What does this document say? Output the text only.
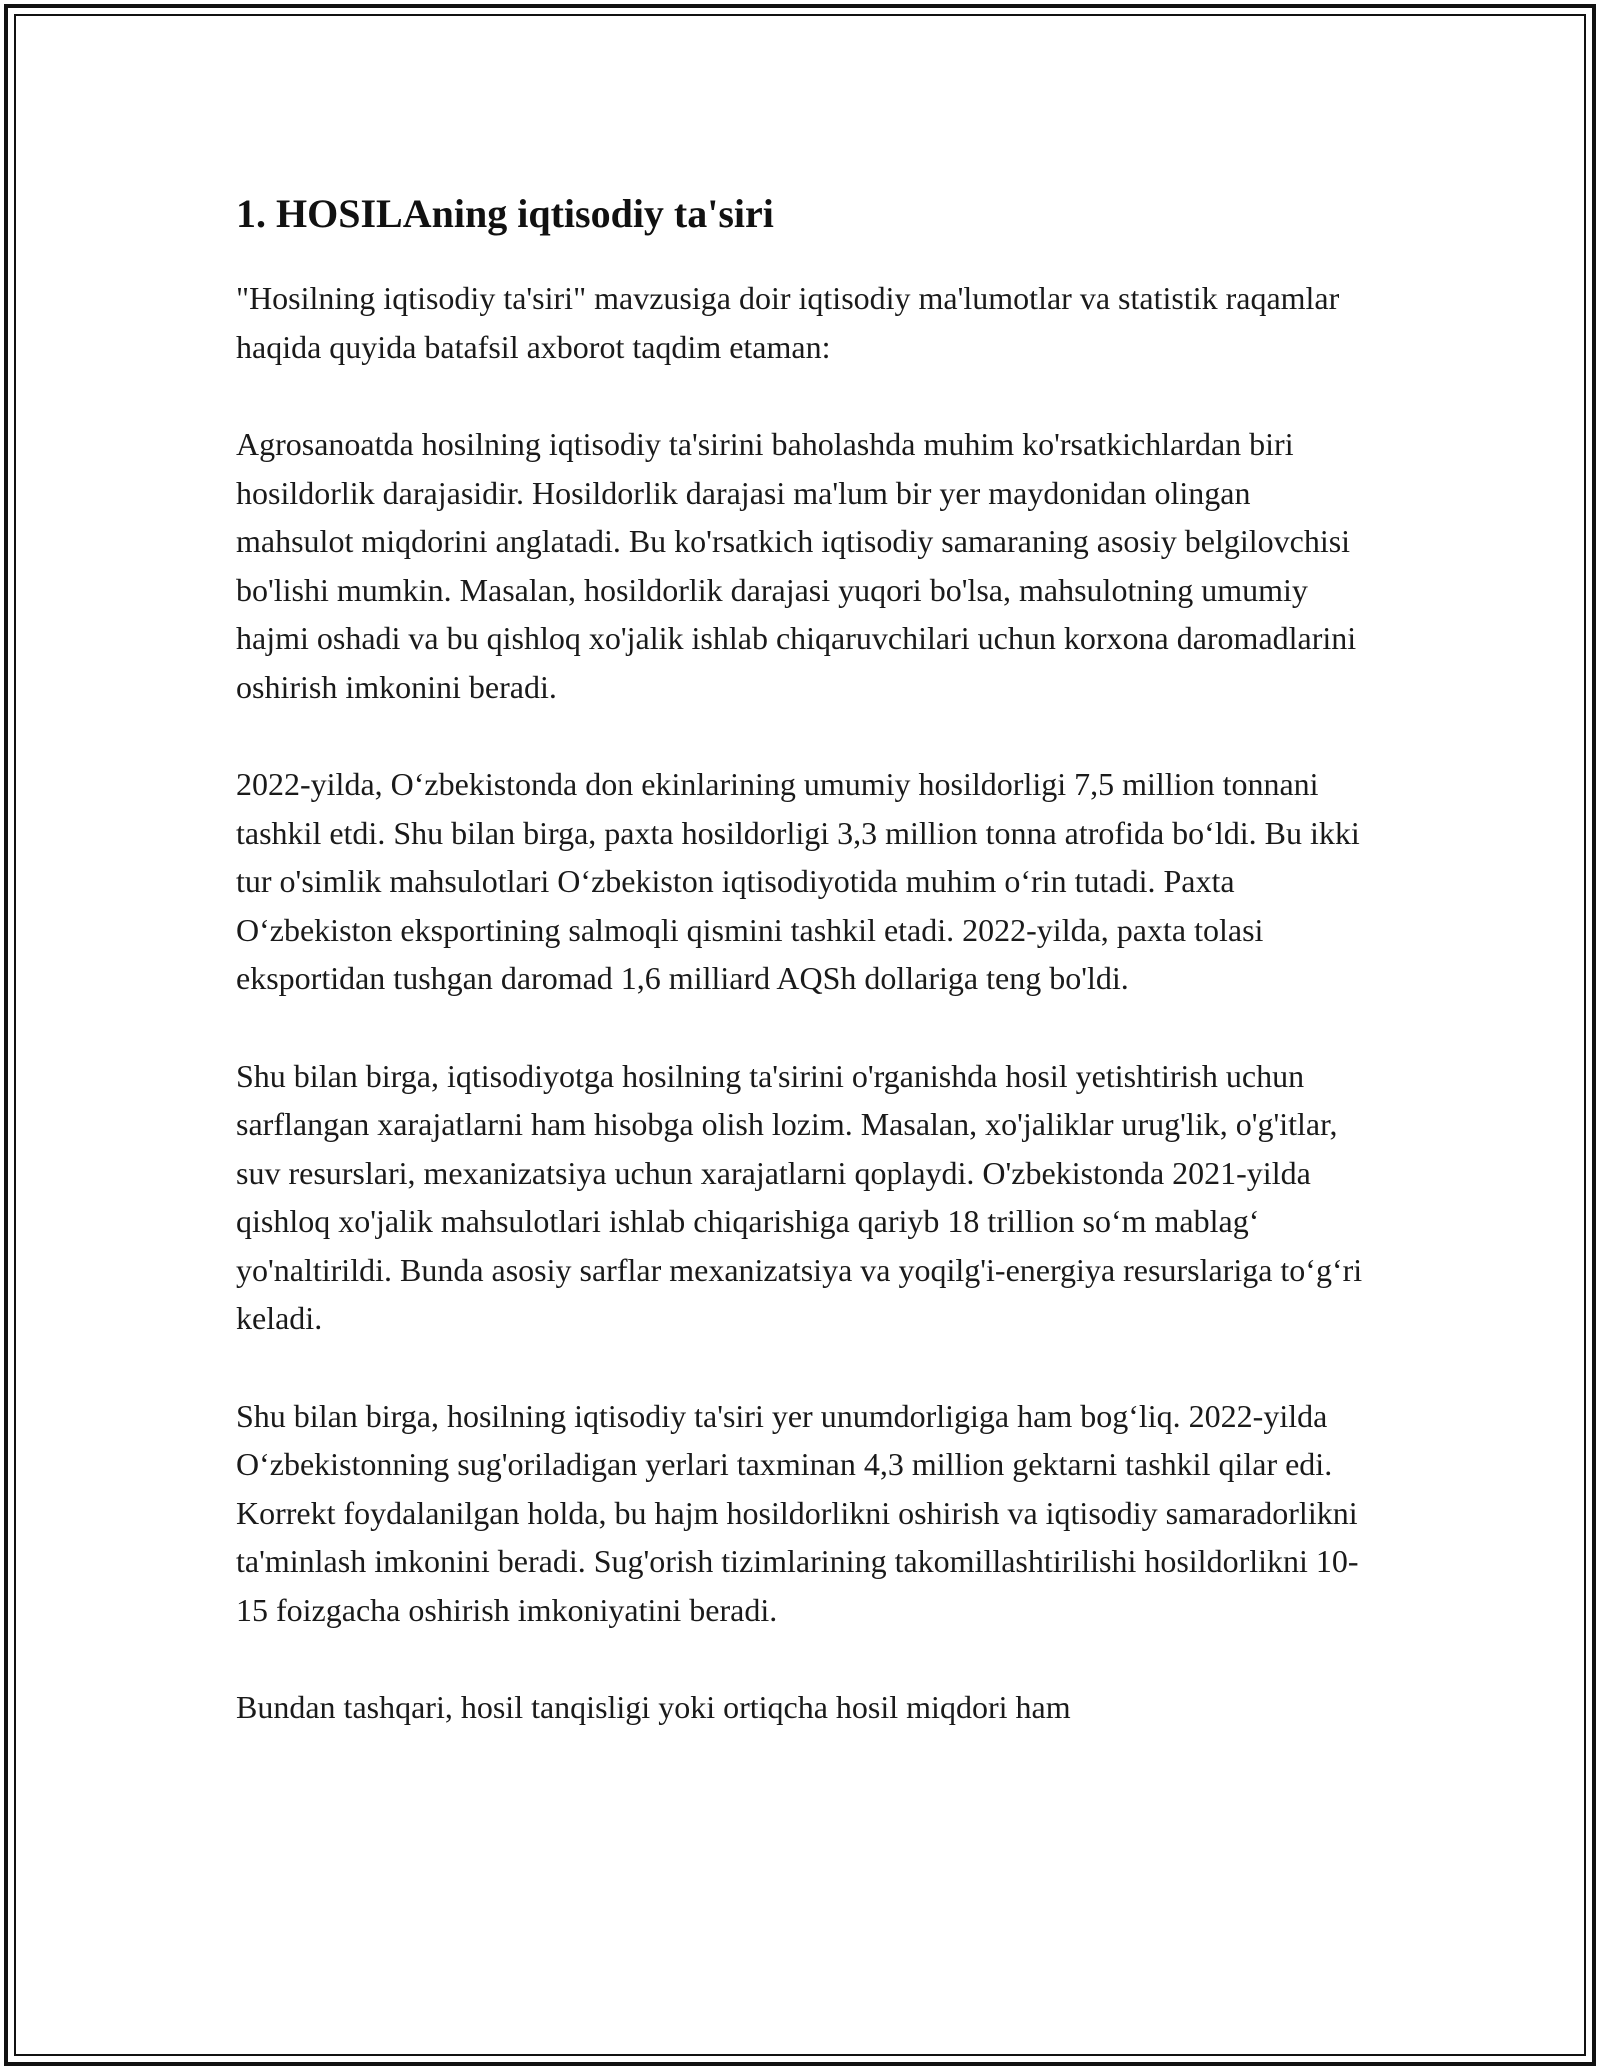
1. HOSILAning iqtisodiy ta'siri

"Hosilning iqtisodiy ta'siri" mavzusiga doir iqtisodiy ma'lumotlar va statistik raqamlar haqida quyida batafsil axborot taqdim etaman:

Agrosanoatda hosilning iqtisodiy ta'sirini baholashda muhim ko'rsatkichlardan biri hosildorlik darajasidir. Hosildorlik darajasi ma'lum bir yer maydonidan olingan mahsulot miqdorini anglatadi. Bu ko'rsatkich iqtisodiy samaraning asosiy belgilovchisi bo'lishi mumkin. Masalan, hosildorlik darajasi yuqori bo'lsa, mahsulotning umumiy hajmi oshadi va bu qishloq xo'jalik ishlab chiqaruvchilari uchun korxona daromadlarini oshirish imkonini beradi.

2022-yilda, O‘zbekistonda don ekinlarining umumiy hosildorligi 7,5 million tonnani tashkil etdi. Shu bilan birga, paxta hosildorligi 3,3 million tonna atrofida bo‘ldi. Bu ikki tur o'simlik mahsulotlari O‘zbekiston iqtisodiyotida muhim o‘rin tutadi. Paxta O‘zbekiston eksportining salmoqli qismini tashkil etadi. 2022-yilda, paxta tolasi eksportidan tushgan daromad 1,6 milliard AQSh dollariga teng bo'ldi.

Shu bilan birga, iqtisodiyotga hosilning ta'sirini o'rganishda hosil yetishtirish uchun sarflangan xarajatlarni ham hisobga olish lozim. Masalan, xo'jaliklar urug'lik, o'g'itlar, suv resurslari, mexanizatsiya uchun xarajatlarni qoplaydi. O'zbekistonda 2021-yilda qishloq xo'jalik mahsulotlari ishlab chiqarishiga qariyb 18 trillion so‘m mablag‘ yo'naltirildi. Bunda asosiy sarflar mexanizatsiya va yoqilg'i-energiya resurslariga to‘g‘ri keladi.

Shu bilan birga, hosilning iqtisodiy ta'siri yer unumdorligiga ham bog‘liq. 2022-yilda O‘zbekistonning sug'oriladigan yerlari taxminan 4,3 million gektarni tashkil qilar edi. Korrekt foydalanilgan holda, bu hajm hosildorlikni oshirish va iqtisodiy samaradorlikni ta'minlash imkonini beradi. Sug'orish tizimlarining takomillashtirilishi hosildorlikni 10-15 foizgacha oshirish imkoniyatini beradi.

Bundan tashqari, hosil tanqisligi yoki ortiqcha hosil miqdori ham
